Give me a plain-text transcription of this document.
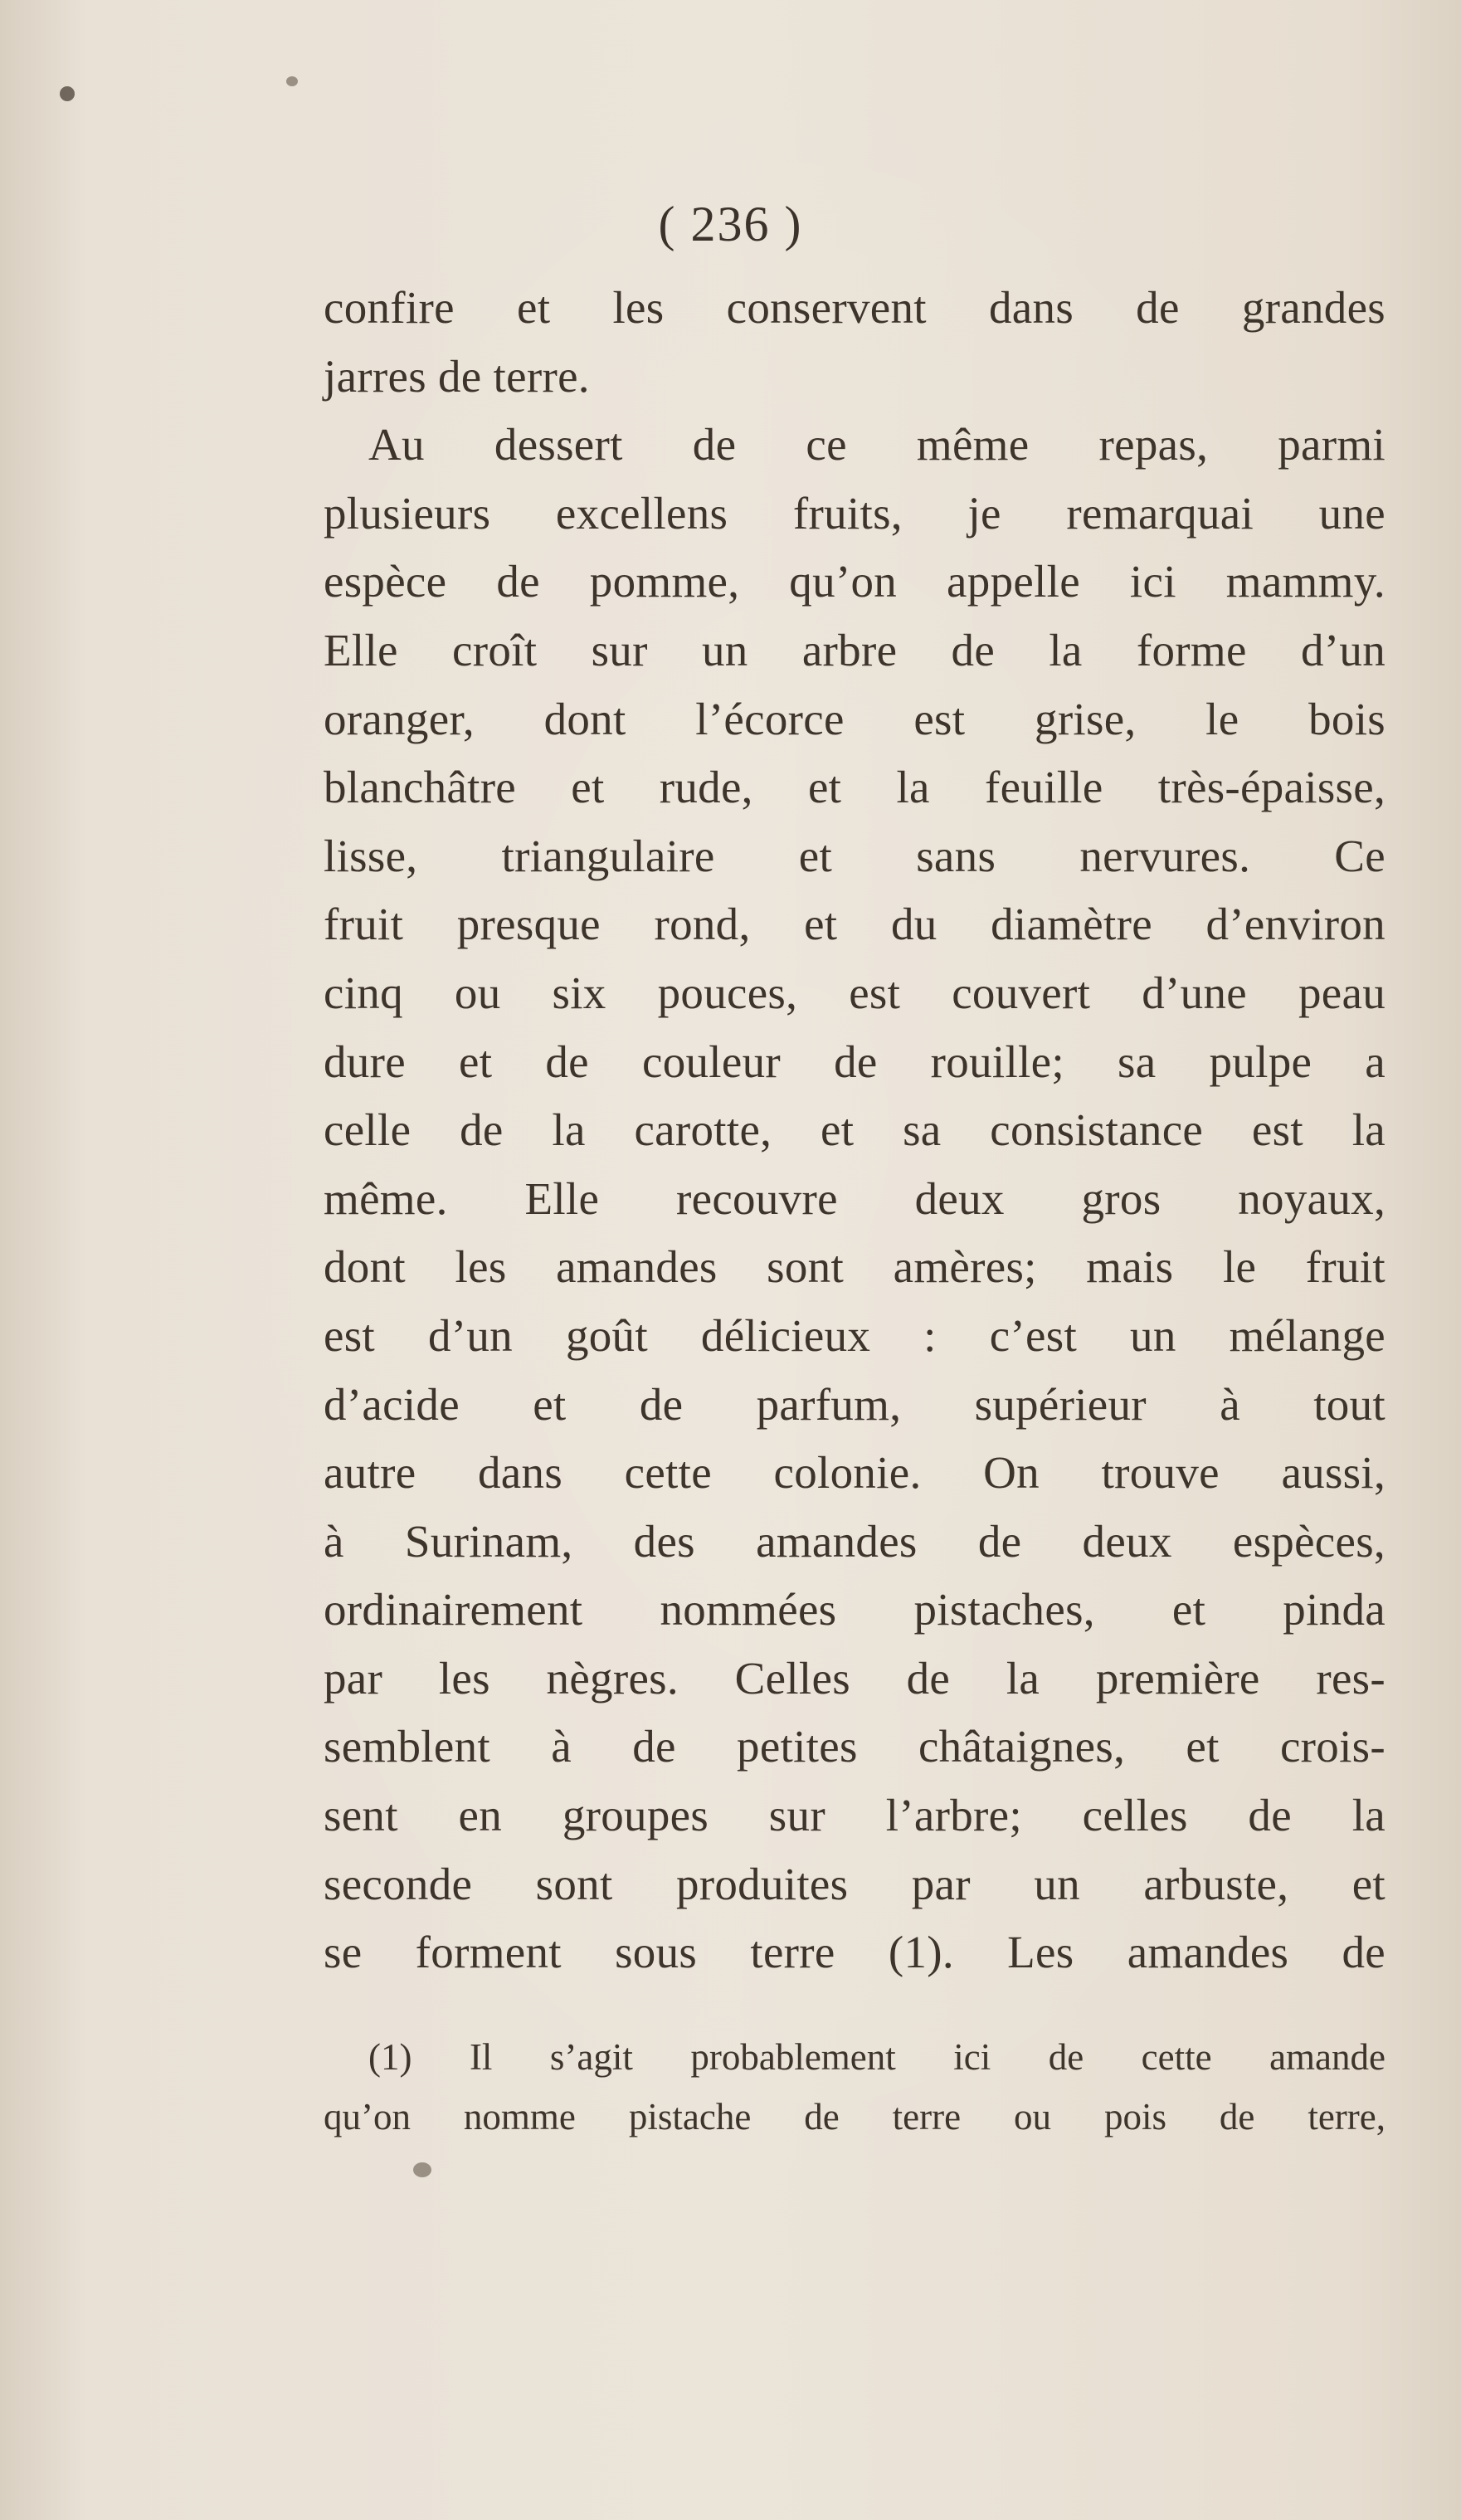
( 236 )
confire et les conservent dans de grandes
jarres de terre.
Au dessert de ce même repas, parmi
plusieurs excellens fruits, je remarquai une
espèce de pomme, qu’on appelle ici mammy.
Elle croît sur un arbre de la forme d’un
oranger, dont l’écorce est grise, le bois
blanchâtre et rude, et la feuille très-épaisse,
lisse, triangulaire et sans nervures. Ce
fruit presque rond, et du diamètre d’environ
cinq ou six pouces, est couvert d’une peau
dure et de couleur de rouille; sa pulpe a
celle de la carotte, et sa consistance est la
même. Elle recouvre deux gros noyaux,
dont les amandes sont amères; mais le fruit
est d’un goût délicieux : c’est un mélange
d’acide et de parfum, supérieur à tout
autre dans cette colonie. On trouve aussi,
à Surinam, des amandes de deux espèces,
ordinairement nommées pistaches, et pinda
par les nègres. Celles de la première res-
semblent à de petites châtaignes, et crois-
sent en groupes sur l’arbre; celles de la
seconde sont produites par un arbuste, et
se forment sous terre (1). Les amandes de
(1) Il s’agit probablement ici de cette amande
qu’on nomme pistache de terre ou pois de terre,
